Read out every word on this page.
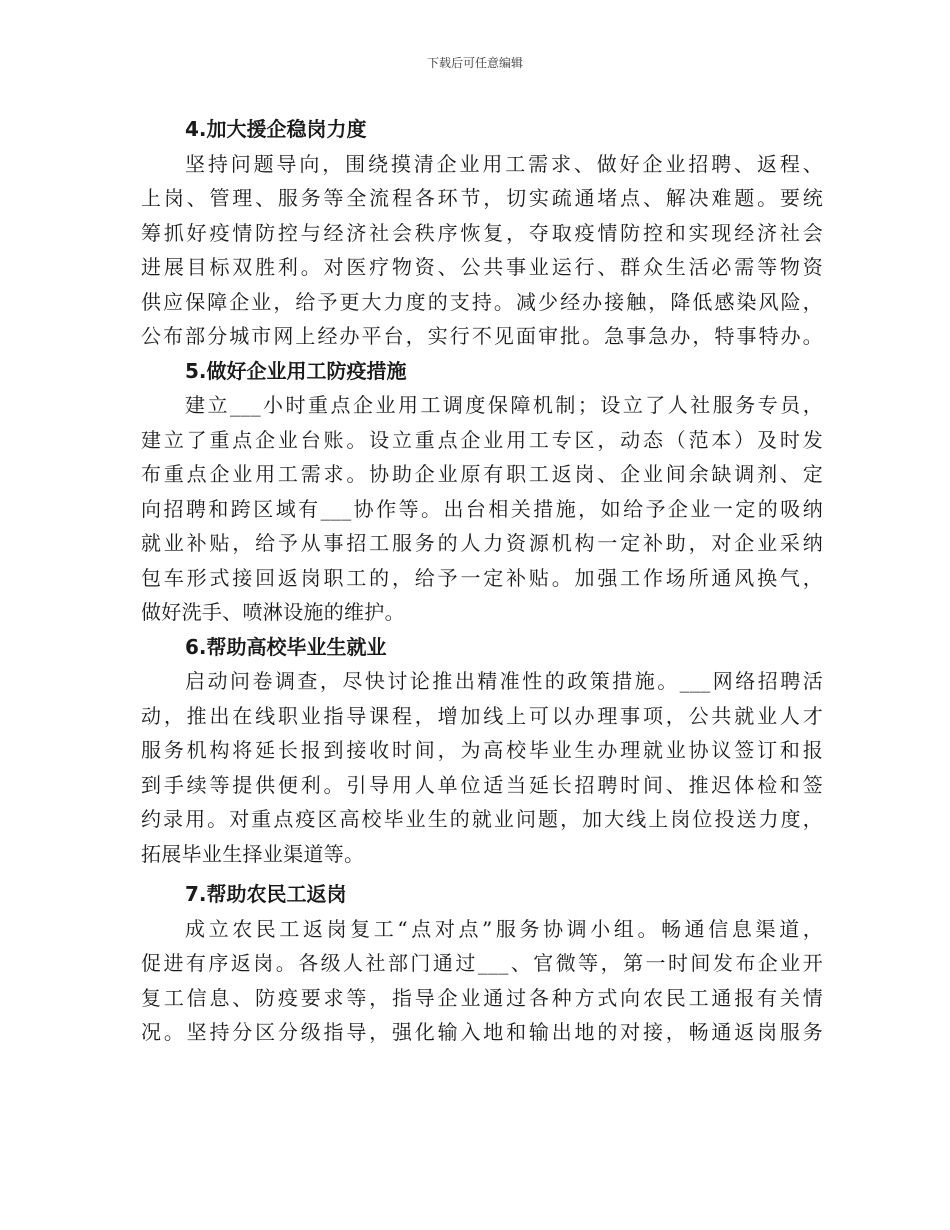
下载后可任意编辑
4.加大援企稳岗力度
坚持问题导向，围绕摸清企业用工需求、做好企业招聘、返程、
上岗、管理、服务等全流程各环节，切实疏通堵点、解决难题。要统
筹抓好疫情防控与经济社会秩序恢复，夺取疫情防控和实现经济社会
进展目标双胜利。对医疗物资、公共事业运行、群众生活必需等物资
供应保障企业，给予更大力度的支持。减少经办接触，降低感染风险，
公布部分城市网上经办平台，实行不见面审批。急事急办，特事特办。
5.做好企业用工防疫措施
建立___小时重点企业用工调度保障机制；设立了人社服务专员，
建立了重点企业台账。设立重点企业用工专区，动态（范本）及时发
布重点企业用工需求。协助企业原有职工返岗、企业间余缺调剂、定
向招聘和跨区域有___协作等。出台相关措施，如给予企业一定的吸纳
就业补贴，给予从事招工服务的人力资源机构一定补助，对企业采纳
包车形式接回返岗职工的，给予一定补贴。加强工作场所通风换气，
做好洗手、喷淋设施的维护。
6.帮助高校毕业生就业
启动问卷调查，尽快讨论推出精准性的政策措施。___网络招聘活
动，推出在线职业指导课程，增加线上可以办理事项，公共就业人才
服务机构将延长报到接收时间，为高校毕业生办理就业协议签订和报
到手续等提供便利。引导用人单位适当延长招聘时间、推迟体检和签
约录用。对重点疫区高校毕业生的就业问题，加大线上岗位投送力度，
拓展毕业生择业渠道等。
7.帮助农民工返岗
成立农民工返岗复工“点对点”服务协调小组。畅通信息渠道，
促进有序返岗。各级人社部门通过___、官微等，第一时间发布企业开
复工信息、防疫要求等，指导企业通过各种方式向农民工通报有关情
况。坚持分区分级指导，强化输入地和输出地的对接，畅通返岗服务
